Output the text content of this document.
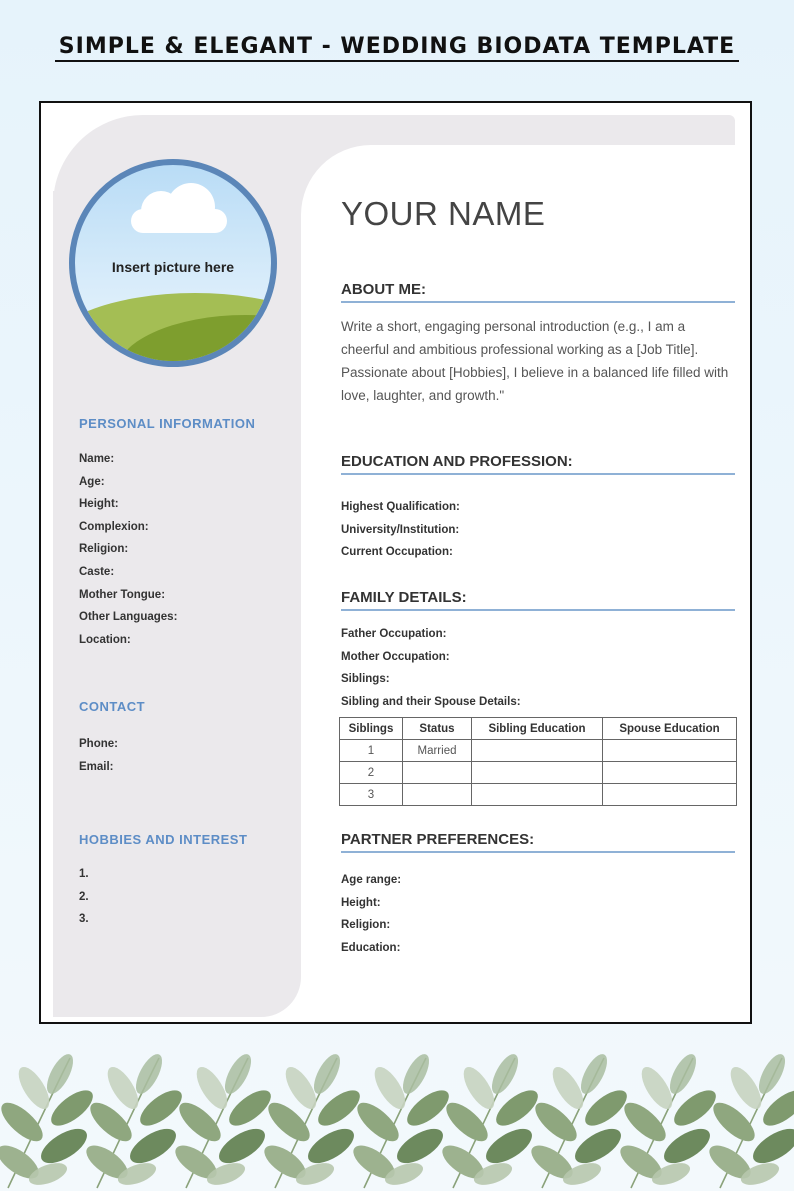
SIMPLE & ELEGANT - WEDDING BIODATA TEMPLATE
Insert picture here
PERSONAL INFORMATION
Name:
Age:
Height:
Complexion:
Religion:
Caste:
Mother Tongue:
Other Languages:
Location:
CONTACT
Phone:
Email:
HOBBIES AND INTEREST
1.
2.
3.
YOUR NAME
ABOUT ME:
Write a short, engaging personal introduction (e.g., I am a cheerful and ambitious professional working as a [Job Title]. Passionate about [Hobbies], I believe in a balanced life filled with love, laughter, and growth."
EDUCATION AND PROFESSION:
Highest Qualification:
University/Institution:
Current Occupation:
FAMILY DETAILS:
Father Occupation:
Mother Occupation:
Siblings:
Sibling and their Spouse Details:
Siblings	Status	Sibling Education	Spouse Education
1	Married		
2			
3			
PARTNER PREFERENCES:
Age range:
Height:
Religion:
Education:
